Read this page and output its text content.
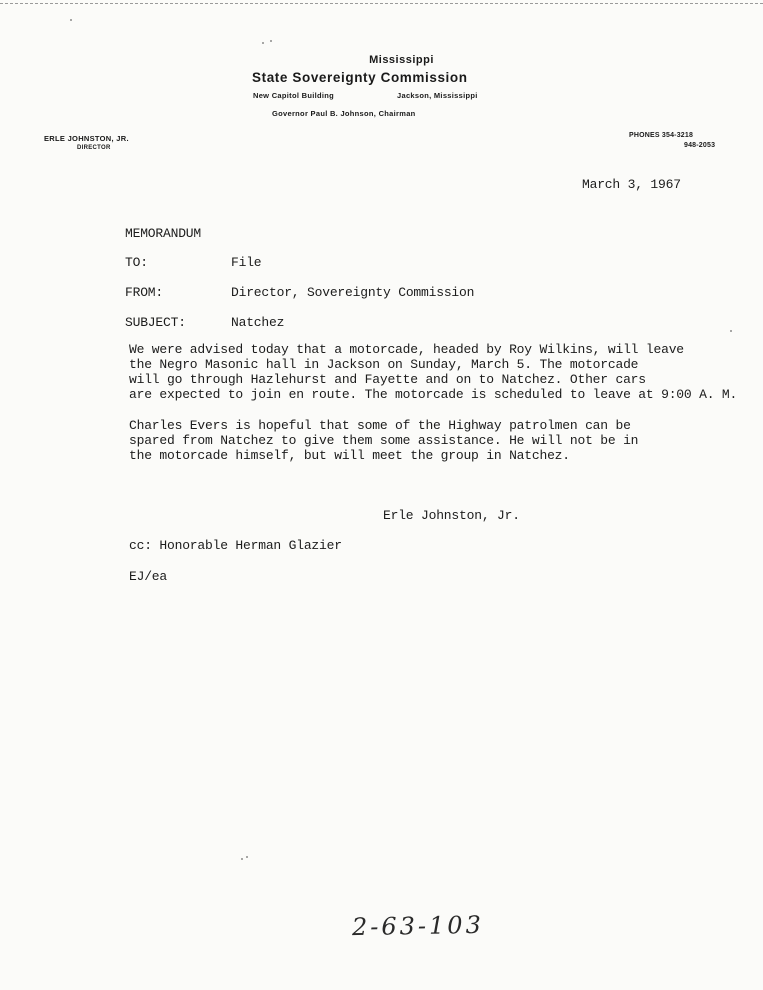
Mississippi
State Sovereignty Commission
New Capitol Building	Jackson, Mississippi
Governor Paul B. Johnson, Chairman
ERLE JOHNSTON, JR.
DIRECTOR
PHONES 354-3218
948-2053
March 3, 1967
MEMORANDUM
TO:	File
FROM:	Director, Sovereignty Commission
SUBJECT:	Natchez
We were advised today that a motorcade, headed by Roy Wilkins, will leave
the Negro Masonic hall in Jackson on Sunday, March 5. The motorcade
will go through Hazlehurst and Fayette and on to Natchez. Other cars
are expected to join en route. The motorcade is scheduled to leave at 9:00 A. M.
Charles Evers is hopeful that some of the Highway patrolmen can be
spared from Natchez to give them some assistance. He will not be in
the motorcade himself, but will meet the group in Natchez.
Erle Johnston, Jr.
cc: Honorable Herman Glazier
EJ/ea
2-63-103
